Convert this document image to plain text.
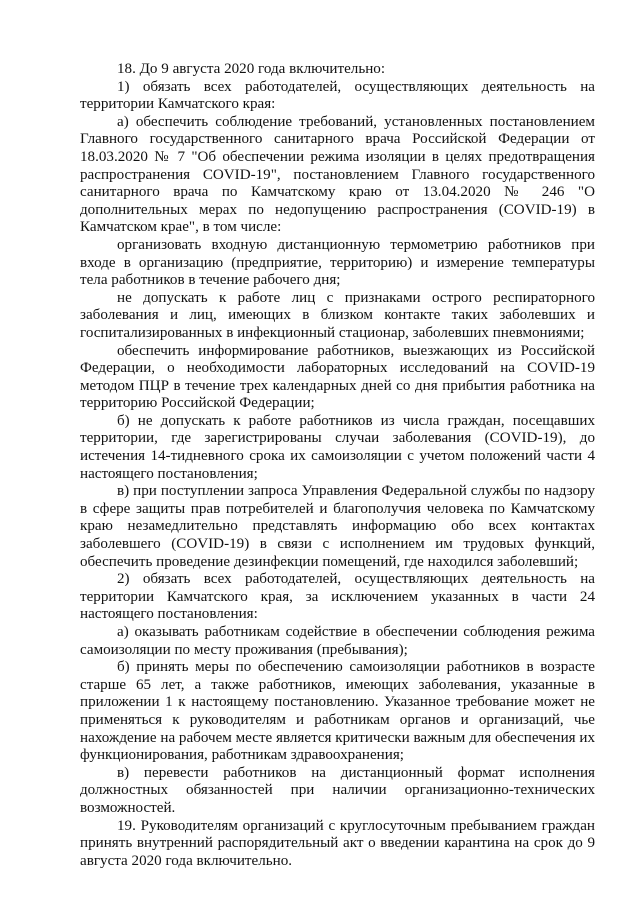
18. До 9 августа 2020 года включительно:

1) обязать всех работодателей, осуществляющих деятельность на территории Камчатского края:

а) обеспечить соблюдение требований, установленных постановлением Главного государственного санитарного врача Российской Федерации от 18.03.2020 № 7 "Об обеспечении режима изоляции в целях предотвращения распространения COVID-19", постановлением Главного государственного санитарного врача по Камчатскому краю от 13.04.2020 № 246 "О дополнительных мерах по недопущению распространения (COVID-19) в Камчатском крае", в том числе:

организовать входную дистанционную термометрию работников при входе в организацию (предприятие, территорию) и измерение температуры тела работников в течение рабочего дня;

не допускать к работе лиц с признаками острого респираторного заболевания и лиц, имеющих в близком контакте таких заболевших и госпитализированных в инфекционный стационар, заболевших пневмониями;

обеспечить информирование работников, выезжающих из Российской Федерации, о необходимости лабораторных исследований на COVID-19 методом ПЦР в течение трех календарных дней со дня прибытия работника на территорию Российской Федерации;

б) не допускать к работе работников из числа граждан, посещавших территории, где зарегистрированы случаи заболевания (COVID-19), до истечения 14-тидневного срока их самоизоляции с учетом положений части 4 настоящего постановления;

в) при поступлении запроса Управления Федеральной службы по надзору в сфере защиты прав потребителей и благополучия человека по Камчатскому краю незамедлительно представлять информацию обо всех контактах заболевшего (COVID-19) в связи с исполнением им трудовых функций, обеспечить проведение дезинфекции помещений, где находился заболевший;

2) обязать всех работодателей, осуществляющих деятельность на территории Камчатского края, за исключением указанных в части 24 настоящего постановления:

а) оказывать работникам содействие в обеспечении соблюдения режима самоизоляции по месту проживания (пребывания);

б) принять меры по обеспечению самоизоляции работников в возрасте старше 65 лет, а также работников, имеющих заболевания, указанные в приложении 1 к настоящему постановлению. Указанное требование может не применяться к руководителям и работникам органов и организаций, чье нахождение на рабочем месте является критически важным для обеспечения их функционирования, работникам здравоохранения;

в) перевести работников на дистанционный формат исполнения должностных обязанностей при наличии организационно-технических возможностей.

19. Руководителям организаций с круглосуточным пребыванием граждан принять внутренний распорядительный акт о введении карантина на срок до 9 августа 2020 года включительно.
